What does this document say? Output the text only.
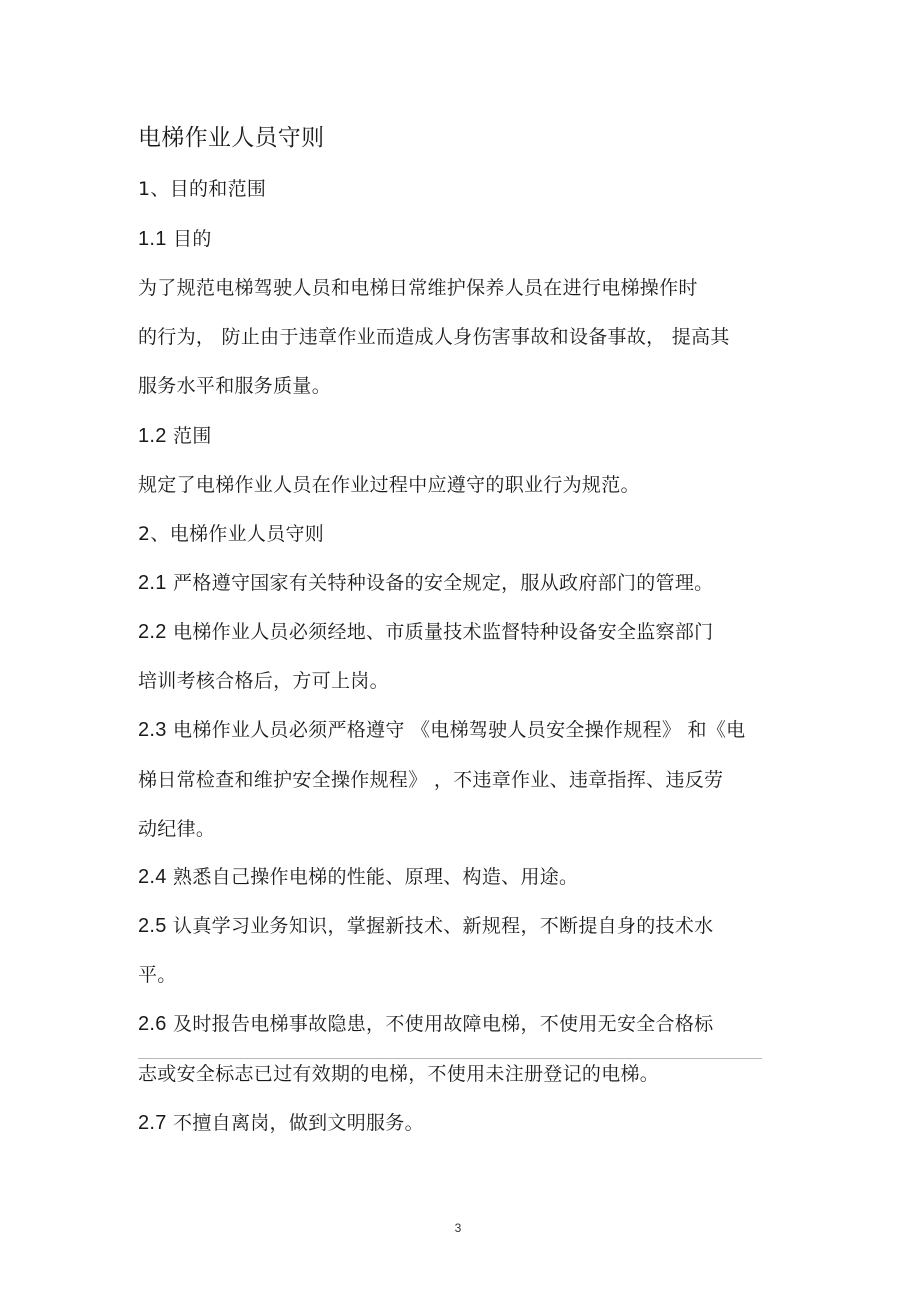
电梯作业人员守则
1、目的和范围
1.1 目的
为了规范电梯驾驶人员和电梯日常维护保养人员在进行电梯操作时
的行为， 防止由于违章作业而造成人身伤害事故和设备事故， 提高其
服务水平和服务质量。
1.2 范围
规定了电梯作业人员在作业过程中应遵守的职业行为规范。
2、电梯作业人员守则
2.1 严格遵守国家有关特种设备的安全规定，服从政府部门的管理。
2.2 电梯作业人员必须经地、市质量技术监督特种设备安全监察部门
培训考核合格后，方可上岗。
2.3 电梯作业人员必须严格遵守 《电梯驾驶人员安全操作规程》 和《电
梯日常检查和维护安全操作规程》 ，不违章作业、违章指挥、违反劳
动纪律。
2.4 熟悉自己操作电梯的性能、原理、构造、用途。
2.5 认真学习业务知识，掌握新技术、新规程，不断提自身的技术水
平。
2.6 及时报告电梯事故隐患，不使用故障电梯，不使用无安全合格标
志或安全标志已过有效期的电梯，不使用未注册登记的电梯。
2.7 不擅自离岗，做到文明服务。
3
